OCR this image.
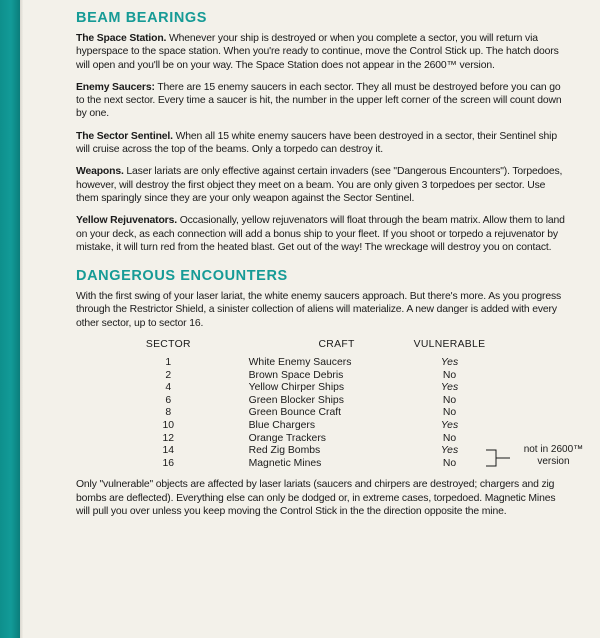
BEAM BEARINGS

The Space Station. Whenever your ship is destroyed or when you complete a sector, you will return via hyperspace to the space station. When you're ready to continue, move the Control Stick up. The hatch doors will open and you'll be on your way. The Space Station does not appear in the 2600™ version.

Enemy Saucers: There are 15 enemy saucers in each sector. They all must be destroyed before you can go to the next sector. Every time a saucer is hit, the number in the upper left corner of the screen will count down by one.

The Sector Sentinel. When all 15 white enemy saucers have been destroyed in a sector, their Sentinel ship will cruise across the top of the beams. Only a torpedo can destroy it.

Weapons. Laser lariats are only effective against certain invaders (see "Dangerous Encounters"). Torpedoes, however, will destroy the first object they meet on a beam. You are only given 3 torpedoes per sector. Use them sparingly since they are your only weapon against the Sector Sentinel.

Yellow Rejuvenators. Occasionally, yellow rejuvenators will float through the beam matrix. Allow them to land on your deck, as each connection will add a bonus ship to your fleet. If you shoot or torpedo a rejuvenator by mistake, it will turn red from the heated blast. Get out of the way! The wreckage will destroy you on contact.

DANGEROUS ENCOUNTERS

With the first swing of your laser lariat, the white enemy saucers approach. But there's more. As you progress through the Restrictor Shield, a sinister collection of aliens will materialize. A new danger is added with every other sector, up to sector 16.

SECTOR	CRAFT	VULNERABLE	
1	White Enemy Saucers	Yes	
2	Brown Space Debris	No	
4	Yellow Chirper Ships	Yes	
6	Green Blocker Ships	No	
8	Green Bounce Craft	No	
10	Blue Chargers	Yes	
12	Orange Trackers	No	
14	Red Zig Bombs	Yes	not in 2600™
version

16	Magnetic Mines	No	

Only "vulnerable" objects are affected by laser lariats (saucers and chirpers are destroyed; chargers and zig bombs are deflected). Everything else can only be dodged or, in extreme cases, torpedoed. Magnetic Mines will pull you over unless you keep moving the Control Stick in the the direction opposite the mine.
